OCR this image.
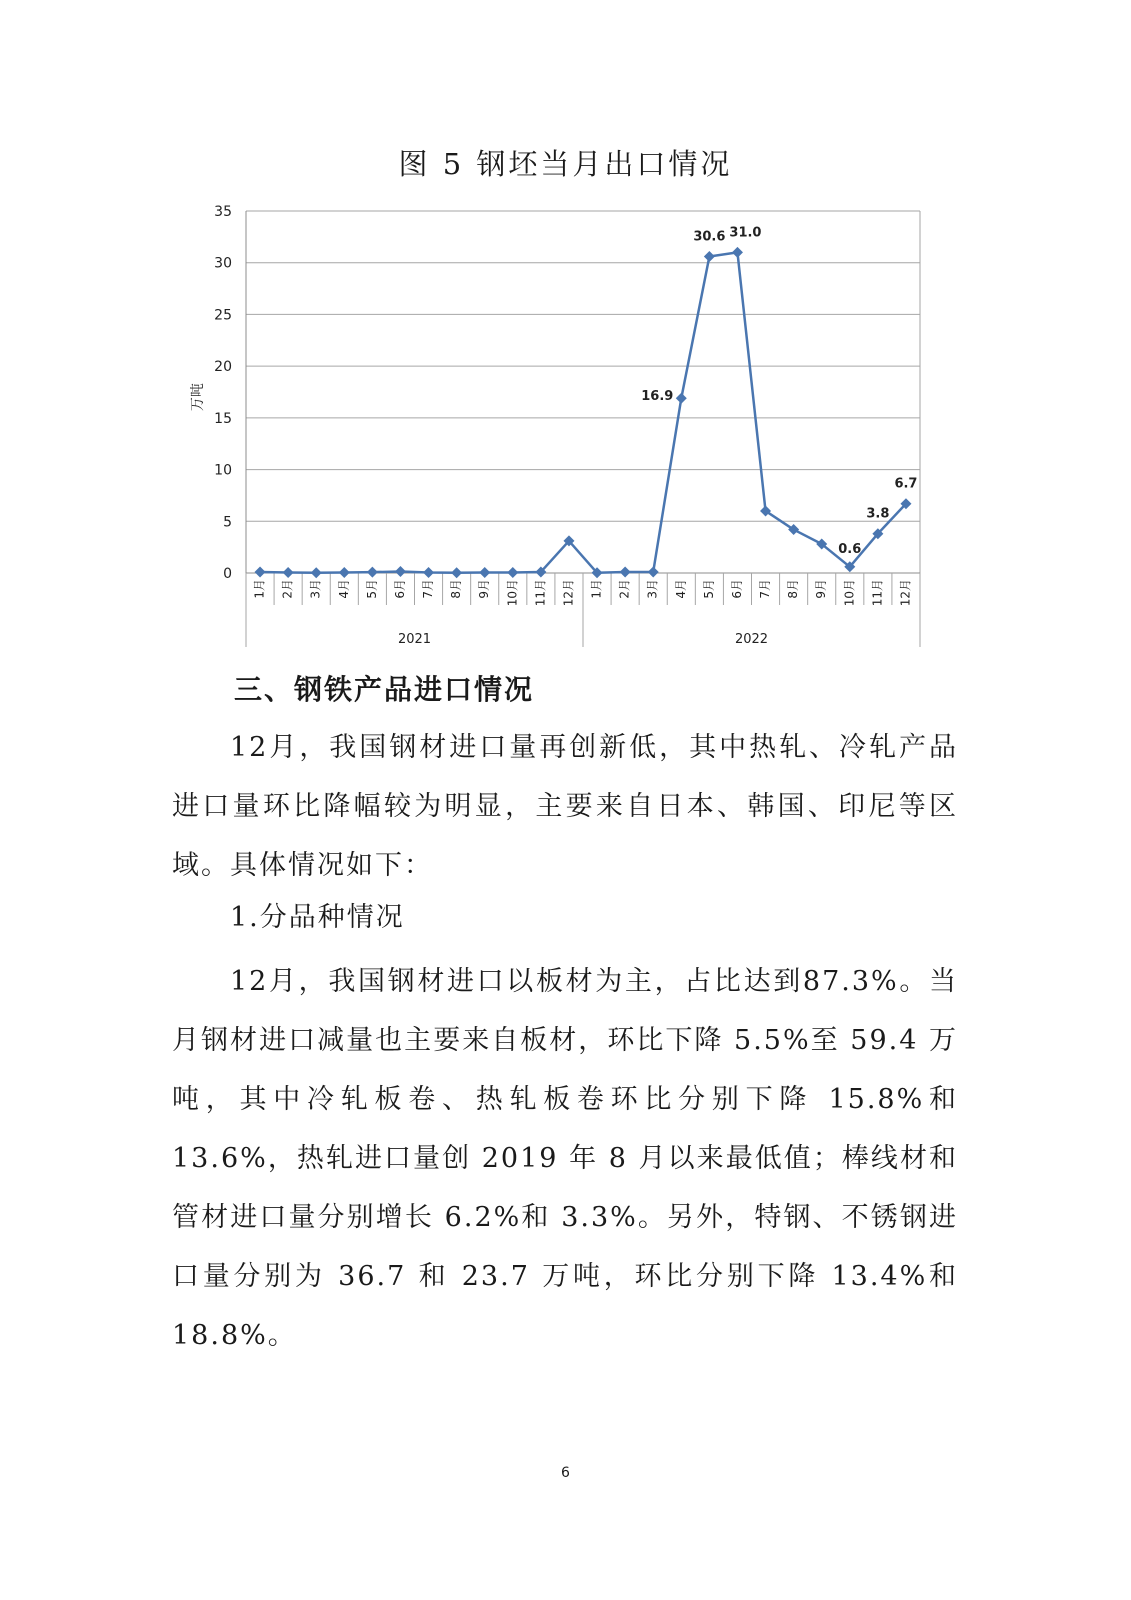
图 5 钢坯当月出口情况
0
5
10
15
20
25
30
35
1月 2月 3月 4月 5月 6月 7月 8月 9月 10月 11月 12月
2021
1月 2月 3月 4月 5月 6月 7月 8月 9月 10月 11月 12月
2022
万吨	16.9
30.6 31.0
0.6
3.8
6.7
三、钢铁产品进口情况

12月，我国钢材进口量再创新低，其中热轧、冷轧产品进口量环比降幅较为明显，主要来自日本、韩国、印尼等区域。具体情况如下：

1.分品种情况

12月，我国钢材进口以板材为主，占比达到87.3%。当月钢材进口减量也主要来自板材，环比下降 5.5%至 59.4 万吨，其中冷轧板卷、热轧板卷环比分别下降 15.8%和 13.6%，热轧进口量创 2019 年 8 月以来最低值；棒线材和管材进口量分别增长 6.2%和 3.3%。另外，特钢、不锈钢进口量分别为 36.7 和 23.7 万吨，环比分别下降 13.4%和 18.8%。

6
